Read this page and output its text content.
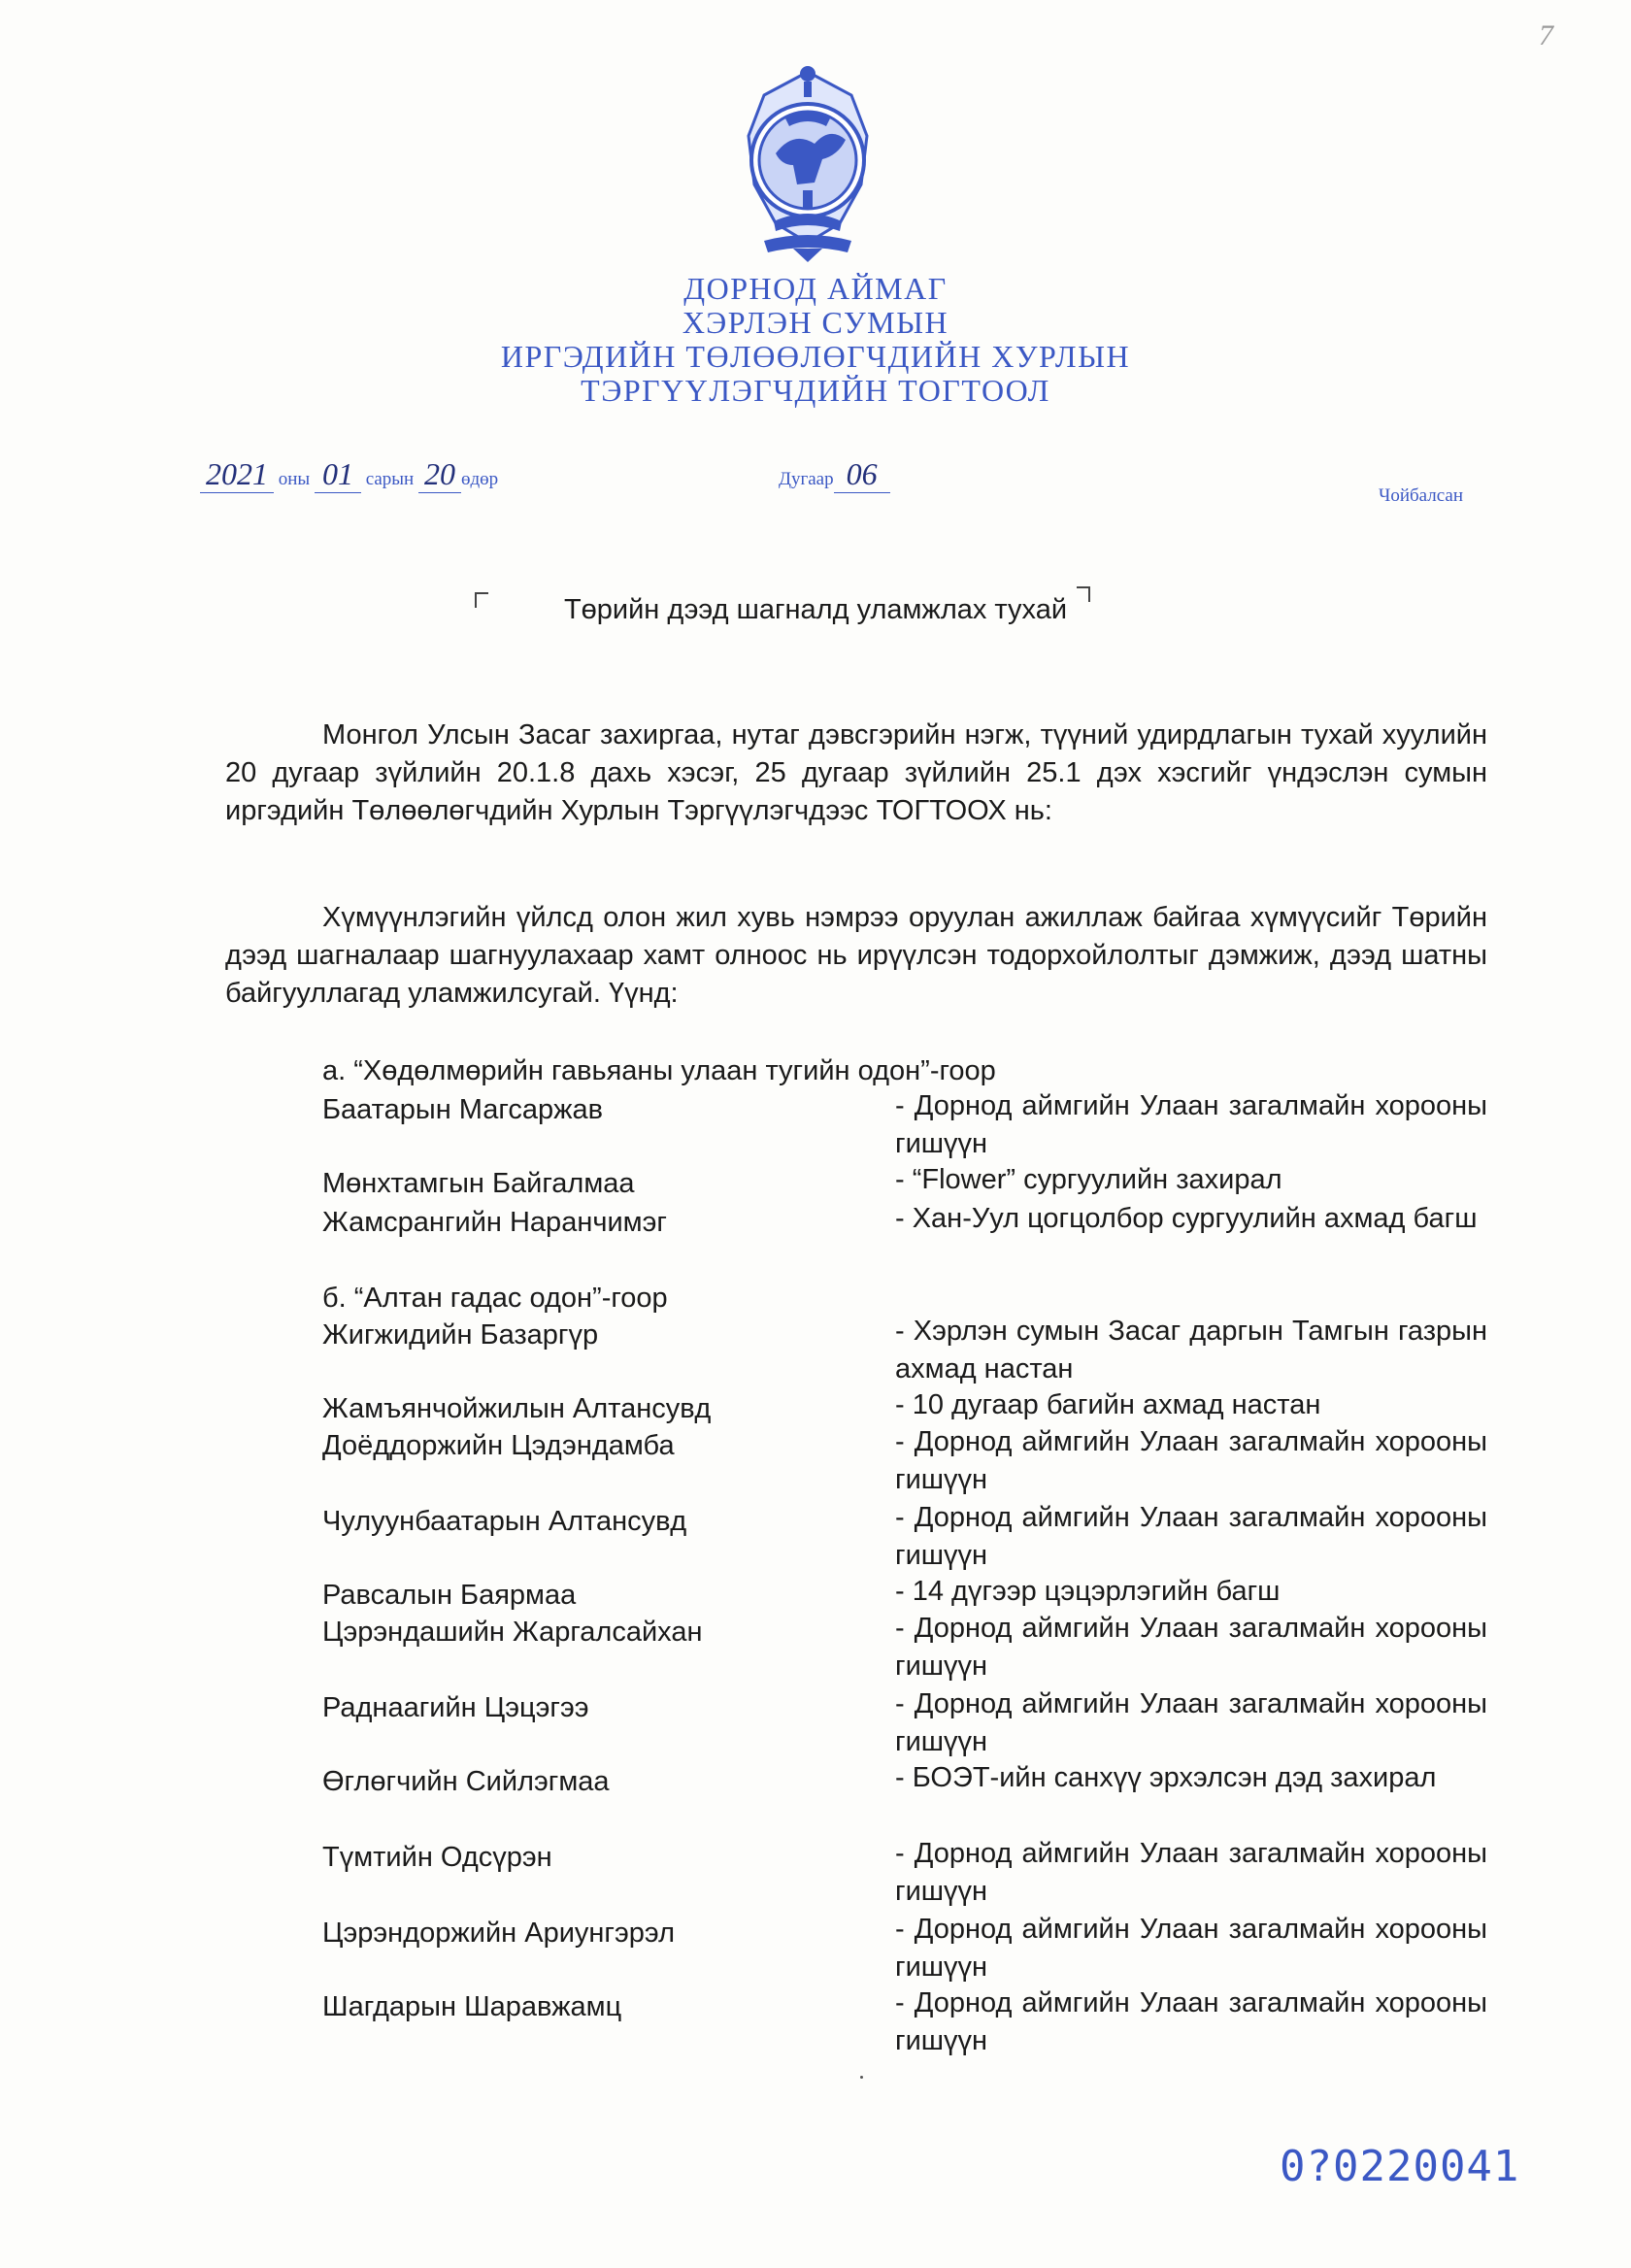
7
ДОРНОД АЙМАГ
ХЭРЛЭН СУМЫН
ИРГЭДИЙН ТӨЛӨӨЛӨГЧДИЙН ХУРЛЫН
ТЭРГҮҮЛЭГЧДИЙН ТОГТООЛ
2021 оны 01 сарын 20 өдөр	Дугаар 06
Чойбалсан
Төрийн дээд шагналд уламжлах тухай
Монгол Улсын Засаг захиргаа, нутаг дэвсгэрийн нэгж, түүний удирдлагын тухай хуулийн 20 дугаар зүйлийн 20.1.8 дахь хэсэг, 25 дугаар зүйлийн 25.1 дэх хэсгийг үндэслэн сумын иргэдийн Төлөөлөгчдийн Хурлын Тэргүүлэгчдээс ТОГТООХ нь:
Хүмүүнлэгийн үйлсд олон жил хувь нэмрээ оруулан ажиллаж байгаа хүмүүсийг Төрийн дээд шагналаар шагнуулахаар хамт олноос нь ирүүлсэн тодорхойлолтыг дэмжиж, дээд шатны байгууллагад уламжилсугай. Үүнд:
а. “Хөдөлмөрийн гавьяаны улаан тугийн одон”-гоор
Баатарын Магсаржав	- Дорнод аймгийн Улаан загалмайн хорооны гишүүн
Мөнхтамгын Байгалмаа	- “Flower” сургуулийн захирал
Жамсрангийн Наранчимэг	- Хан-Уул цогцолбор сургуулийн ахмад багш
б. “Алтан гадас одон”-гоор
Жигжидийн Базаргүр	- Хэрлэн сумын Засаг даргын Тамгын газрын ахмад настан
Жамъянчойжилын Алтансувд	- 10 дугаар багийн ахмад настан
Доёддоржийн Цэдэндамба	- Дорнод аймгийн Улаан загалмайн хорооны гишүүн
Чулуунбаатарын Алтансувд	- Дорнод аймгийн Улаан загалмайн хорооны гишүүн
Равсалын Баярмаа	- 14 дүгээр цэцэрлэгийн багш
Цэрэндашийн Жаргалсайхан	- Дорнод аймгийн Улаан загалмайн хорооны гишүүн
Раднаагийн Цэцэгээ	- Дорнод аймгийн Улаан загалмайн хорооны гишүүн
Өглөгчийн Сийлэгмаа	- БОЭТ-ийн санхүү эрхэлсэн дэд захирал
Түмтийн Одсүрэн	- Дорнод аймгийн Улаан загалмайн хорооны гишүүн
Цэрэндоржийн Ариунгэрэл	- Дорнод аймгийн Улаан загалмайн хорооны гишүүн
Шагдарын Шаравжамц	- Дорнод аймгийн Улаан загалмайн хорооны гишүүн
0?0220041
